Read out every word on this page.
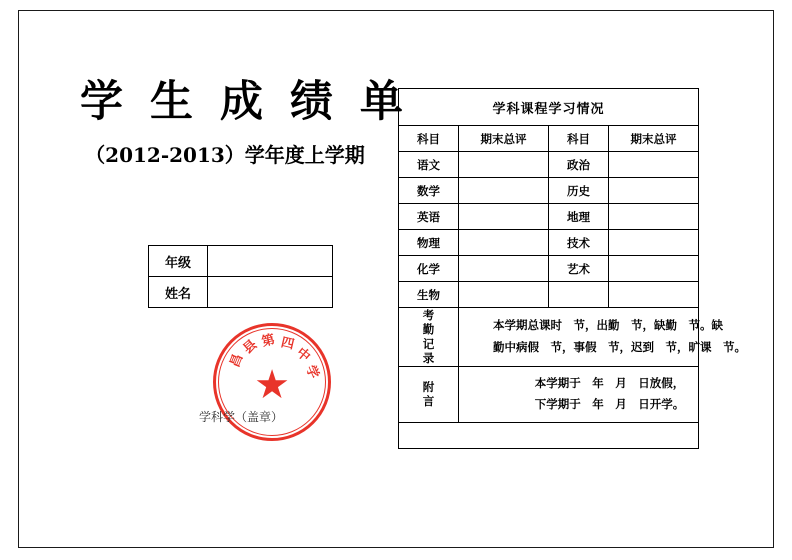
学 生 成 绩 单
（2012-2013）学年度上学期
年级	
姓名	
昌
县 第 四
中
学
★
学科学（盖章）
学科课程学习情况			
科目	期末总评	科目	期末总评
语文		政治	
数学		历史	
英语		地理	
物理		技术	
化学		艺术	
生物			
考
勤
记
录	本学期总课时　节，出勤　节，缺勤　节。缺
勤中病假　节，事假　节，迟到　节，旷课　节。		

附
言	本学期于　年　月　日放假，
下学期于　年　月　日开学。		
